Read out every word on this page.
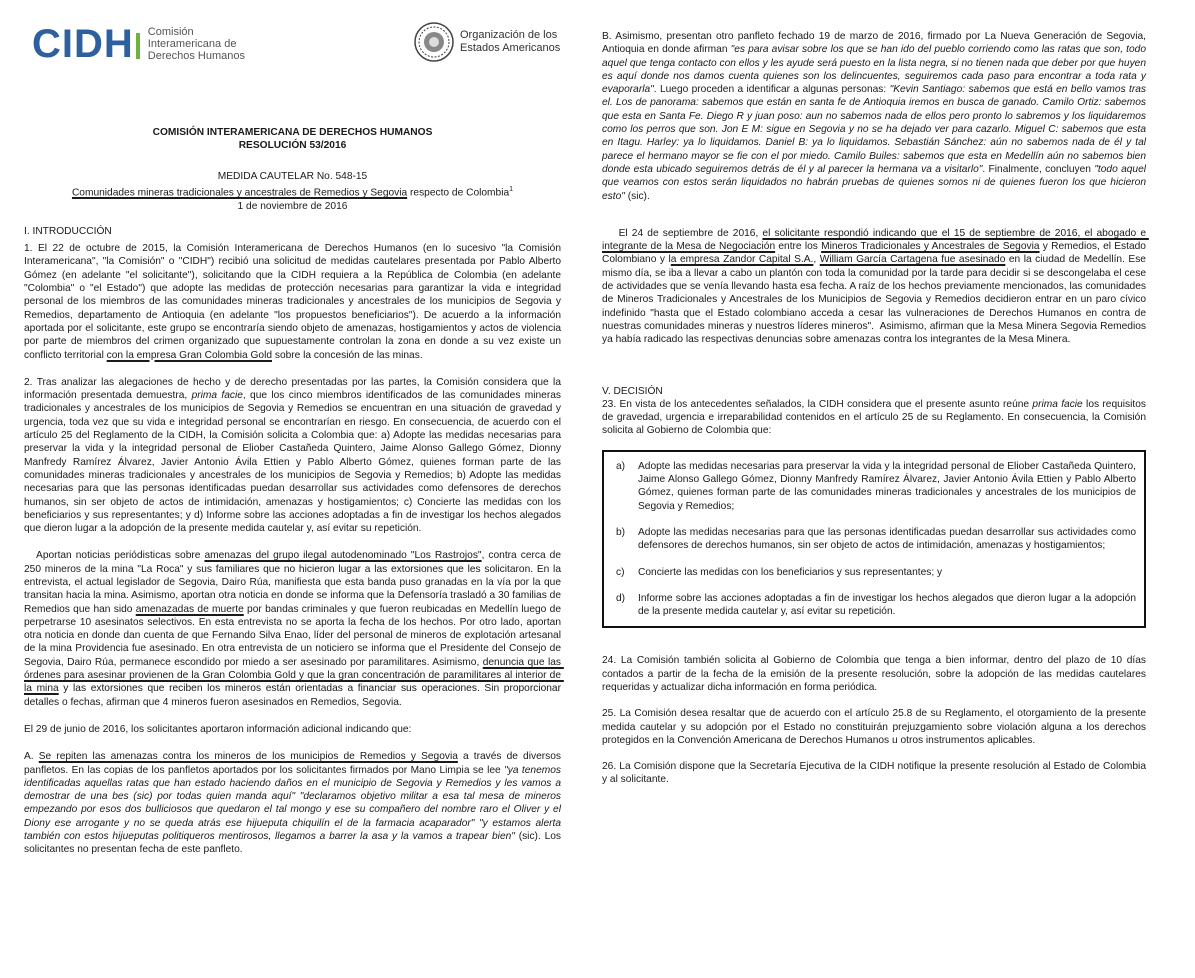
CIDH	Comisión
Interamericana de
Derechos Humanos
Organización de los
Estados Americanos
COMISIÓN INTERAMERICANA DE DERECHOS HUMANOS
RESOLUCIÓN 53/2016
MEDIDA CAUTELAR No. 548-15
Comunidades mineras tradicionales y ancestrales de Remedios y Segovia respecto de Colombia$^1$
1 de noviembre de 2016
I. INTRODUCCIÓN

1. El 22 de octubre de 2015, la Comisión Interamericana de Derechos Humanos (en lo sucesivo "la Comisión Interamericana", "la Comisión" o "CIDH") recibió una solicitud de medidas cautelares presentada por Pablo Alberto Gómez (en adelante "el solicitante"), solicitando que la CIDH requiera a la República de Colombia (en adelante "Colombia" o "el Estado") que adopte las medidas de protección necesarias para garantizar la vida e integridad personal de los miembros de las comunidades mineras tradicionales y ancestrales de los municipios de Segovia y Remedios, departamento de Antioquia (en adelante "los propuestos beneficiarios"). De acuerdo a la información aportada por el solicitante, este grupo se encontraría siendo objeto de amenazas, hostigamientos y actos de violencia por parte de miembros del crimen organizado que supuestamente controlan la zona en donde a su vez existe un conflicto territorial con la empresa Gran Colombia Gold sobre la concesión de las minas.

2. Tras analizar las alegaciones de hecho y de derecho presentadas por las partes, la Comisión considera que la información presentada demuestra, prima facie, que los cinco miembros identificados de las comunidades mineras tradicionales y ancestrales de los municipios de Segovia y Remedios se encuentran en una situación de gravedad y urgencia, toda vez que su vida e integridad personal se encontrarían en riesgo. En consecuencia, de acuerdo con el artículo 25 del Reglamento de la CIDH, la Comisión solicita a Colombia que: a) Adopte las medidas necesarias para preservar la vida y la integridad personal de Eliober Castañeda Quintero, Jaime Alonso Gallego Gómez, Dionny Manfredy Ramírez Álvarez, Javier Antonio Ávila Ettien y Pablo Alberto Gómez, quienes forman parte de las comunidades mineras tradicionales y ancestrales de los municipios de Segovia y Remedios; b) Adopte las medidas necesarias para que las personas identificadas puedan desarrollar sus actividades como defensores de derechos humanos, sin ser objeto de actos de intimidación, amenazas y hostigamientos; c) Concierte las medidas con los beneficiarios y sus representantes; y d) Informe sobre las acciones adoptadas a fin de investigar los hechos alegados que dieron lugar a la adopción de la presente medida cautelar y, así evitar su repetición.

Aportan noticias periódisticas sobre amenazas del grupo ilegal autodenominado "Los Rastrojos", contra cerca de 250 mineros de la mina "La Roca" y sus familiares que no hicieron lugar a las extorsiones que les solicitaron. En la entrevista, el actual legislador de Segovia, Dairo Rúa, manifiesta que esta banda puso granadas en la vía por la que transitan hacia la mina. Asimismo, aportan otra noticia en donde se informa que la Defensoría trasladó a 30 familias de Remedios que han sido amenazadas de muerte por bandas criminales y que fueron reubicadas en Medellín luego de perpetrarse 10 asesinatos selectivos. En esta entrevista no se aporta la fecha de los hechos. Por otro lado, aportan otra noticia en donde dan cuenta de que Fernando Silva Enao, líder del personal de mineros de explotación artesanal de la mina Providencia fue asesinado. En otra entrevista de un noticiero se informa que el Presidente del Consejo de Segovia, Dairo Rúa, permanece escondido por miedo a ser asesinado por paramilitares. Asimismo, denuncia que las órdenes para asesinar provienen de la Gran Colombia Gold y que la gran concentración de paramilitares al interior de la mina y las extorsiones que reciben los mineros están orientadas a financiar sus operaciones. Sin proporcionar detalles o fechas, afirman que 4 mineros fueron asesinados en Remedios, Segovia.

El 29 de junio de 2016, los solicitantes aportaron información adicional indicando que:

A. Se repiten las amenazas contra los mineros de los municipios de Remedios y Segovia a través de diversos panfletos. En las copias de los panfletos aportados por los solicitantes firmados por Mano Limpia se lee "ya tenemos identificadas aquellas ratas que han estado haciendo daños en el municipio de Segovia y Remedios y les vamos a demostrar de una bes (sic) por todas quien manda aquí" "declaramos objetivo militar a esa tal mesa de mineros empezando por esos dos bulliciosos que quedaron el tal mongo y ese su compañero del nombre raro el Oliver y el Diony ese arrogante y no se queda atrás ese hijueputa chiquilín el de la farmacia acaparador" "y estamos alerta también con estos hijueputas politiqueros mentirosos, llegamos a barrer la asa y la vamos a trapear bien" (sic). Los solicitantes no presentan fecha de este panfleto.

B. Asimismo, presentan otro panfleto fechado 19 de marzo de 2016, firmado por La Nueva Generación de Segovia, Antioquia en donde afirman "es para avisar sobre los que se han ido del pueblo corriendo como las ratas que son, todo aquel que tenga contacto con ellos y les ayude será puesto en la lista negra, si no tienen nada que deber por que huyen es aquí donde nos damos cuenta quienes son los delincuentes, seguiremos cada paso para encontrar a toda rata y evaporarla". Luego proceden a identificar a algunas personas: "Kevin Santiago: sabemos que está en bello vamos tras el. Los de panorama: sabemos que están en santa fe de Antioquia iremos en busca de ganado. Camilo Ortiz: sabemos que esta en Santa Fe. Diego R y juan poso: aun no sabemos nada de ellos pero pronto lo sabremos y los liquidaremos como los perros que son. Jon E M: sigue en Segovia y no se ha dejado ver para cazarlo. Miguel C: sabemos que esta en Itagu. Harley: ya lo liquidamos. Daniel B: ya lo liquidamos. Sebastián Sánchez: aún no sabemos nada de él y tal parece el hermano mayor se fie con el por miedo. Camilo Builes: sabemos que esta en Medellín aún no sabemos bien donde esta ubicado seguiremos detrás de él y al parecer la hermana va a visitarlo". Finalmente, concluyen "todo aquel que veamos con estos serán liquidados no habrán pruebas de quienes somos ni de quienes fueron los que hicieron esto" (sic).

El 24 de septiembre de 2016, el solicitante respondió indicando que el 15 de septiembre de 2016, el abogado e integrante de la Mesa de Negociación entre los Mineros Tradicionales y Ancestrales de Segovia y Remedios, el Estado Colombiano y la empresa Zandor Capital S.A., William García Cartagena fue asesinado en la ciudad de Medellín. Ese mismo día, se iba a llevar a cabo un plantón con toda la comunidad por la tarde para decidir si se descongelaba el cese de actividades que se venía llevando hasta esa fecha. A raíz de los hechos previamente mencionados, las comunidades de Mineros Tradicionales y Ancestrales de los Municipios de Segovia y Remedios decidieron entrar en un paro cívico indefinido "hasta que el Estado colombiano acceda a cesar las vulneraciones de Derechos Humanos en contra de nuestras comunidades mineras y nuestros líderes mineros".  Asimismo, afirman que la Mesa Minera Segovia Remedios ya había radicado las respectivas denuncias sobre amenazas contra los integrantes de la Mesa Minera.

V. DECISIÓN

23. En vista de los antecedentes señalados, la CIDH considera que el presente asunto reúne prima facie los requisitos de gravedad, urgencia e irreparabilidad contenidos en el artículo 25 de su Reglamento. En consecuencia, la Comisión solicita al Gobierno de Colombia que:

a)	Adopte las medidas necesarias para preservar la vida y la integridad personal de Eliober Castañeda Quintero, Jaime Alonso Gallego Gómez, Dionny Manfredy Ramírez Álvarez, Javier Antonio Ávila Ettien y Pablo Alberto Gómez, quienes forman parte de las comunidades mineras tradicionales y ancestrales de los municipios de Segovia y Remedios;

b)	Adopte las medidas necesarias para que las personas identificadas puedan desarrollar sus actividades como defensores de derechos humanos, sin ser objeto de actos de intimidación, amenazas y hostigamientos;

c)	Concierte las medidas con los beneficiarios y sus representantes; y

d)	Informe sobre las acciones adoptadas a fin de investigar los hechos alegados que dieron lugar a la adopción de la presente medida cautelar y, así evitar su repetición.

24. La Comisión también solicita al Gobierno de Colombia que tenga a bien informar, dentro del plazo de 10 días contados a partir de la fecha de la emisión de la presente resolución, sobre la adopción de las medidas cautelares requeridas y actualizar dicha información en forma periódica.

25. La Comisión desea resaltar que de acuerdo con el artículo 25.8 de su Reglamento, el otorgamiento de la presente medida cautelar y su adopción por el Estado no constituirán prejuzgamiento sobre violación alguna a los derechos protegidos en la Convención Americana de Derechos Humanos u otros instrumentos aplicables.

26. La Comisión dispone que la Secretaría Ejecutiva de la CIDH notifique la presente resolución al Estado de Colombia y al solicitante.
